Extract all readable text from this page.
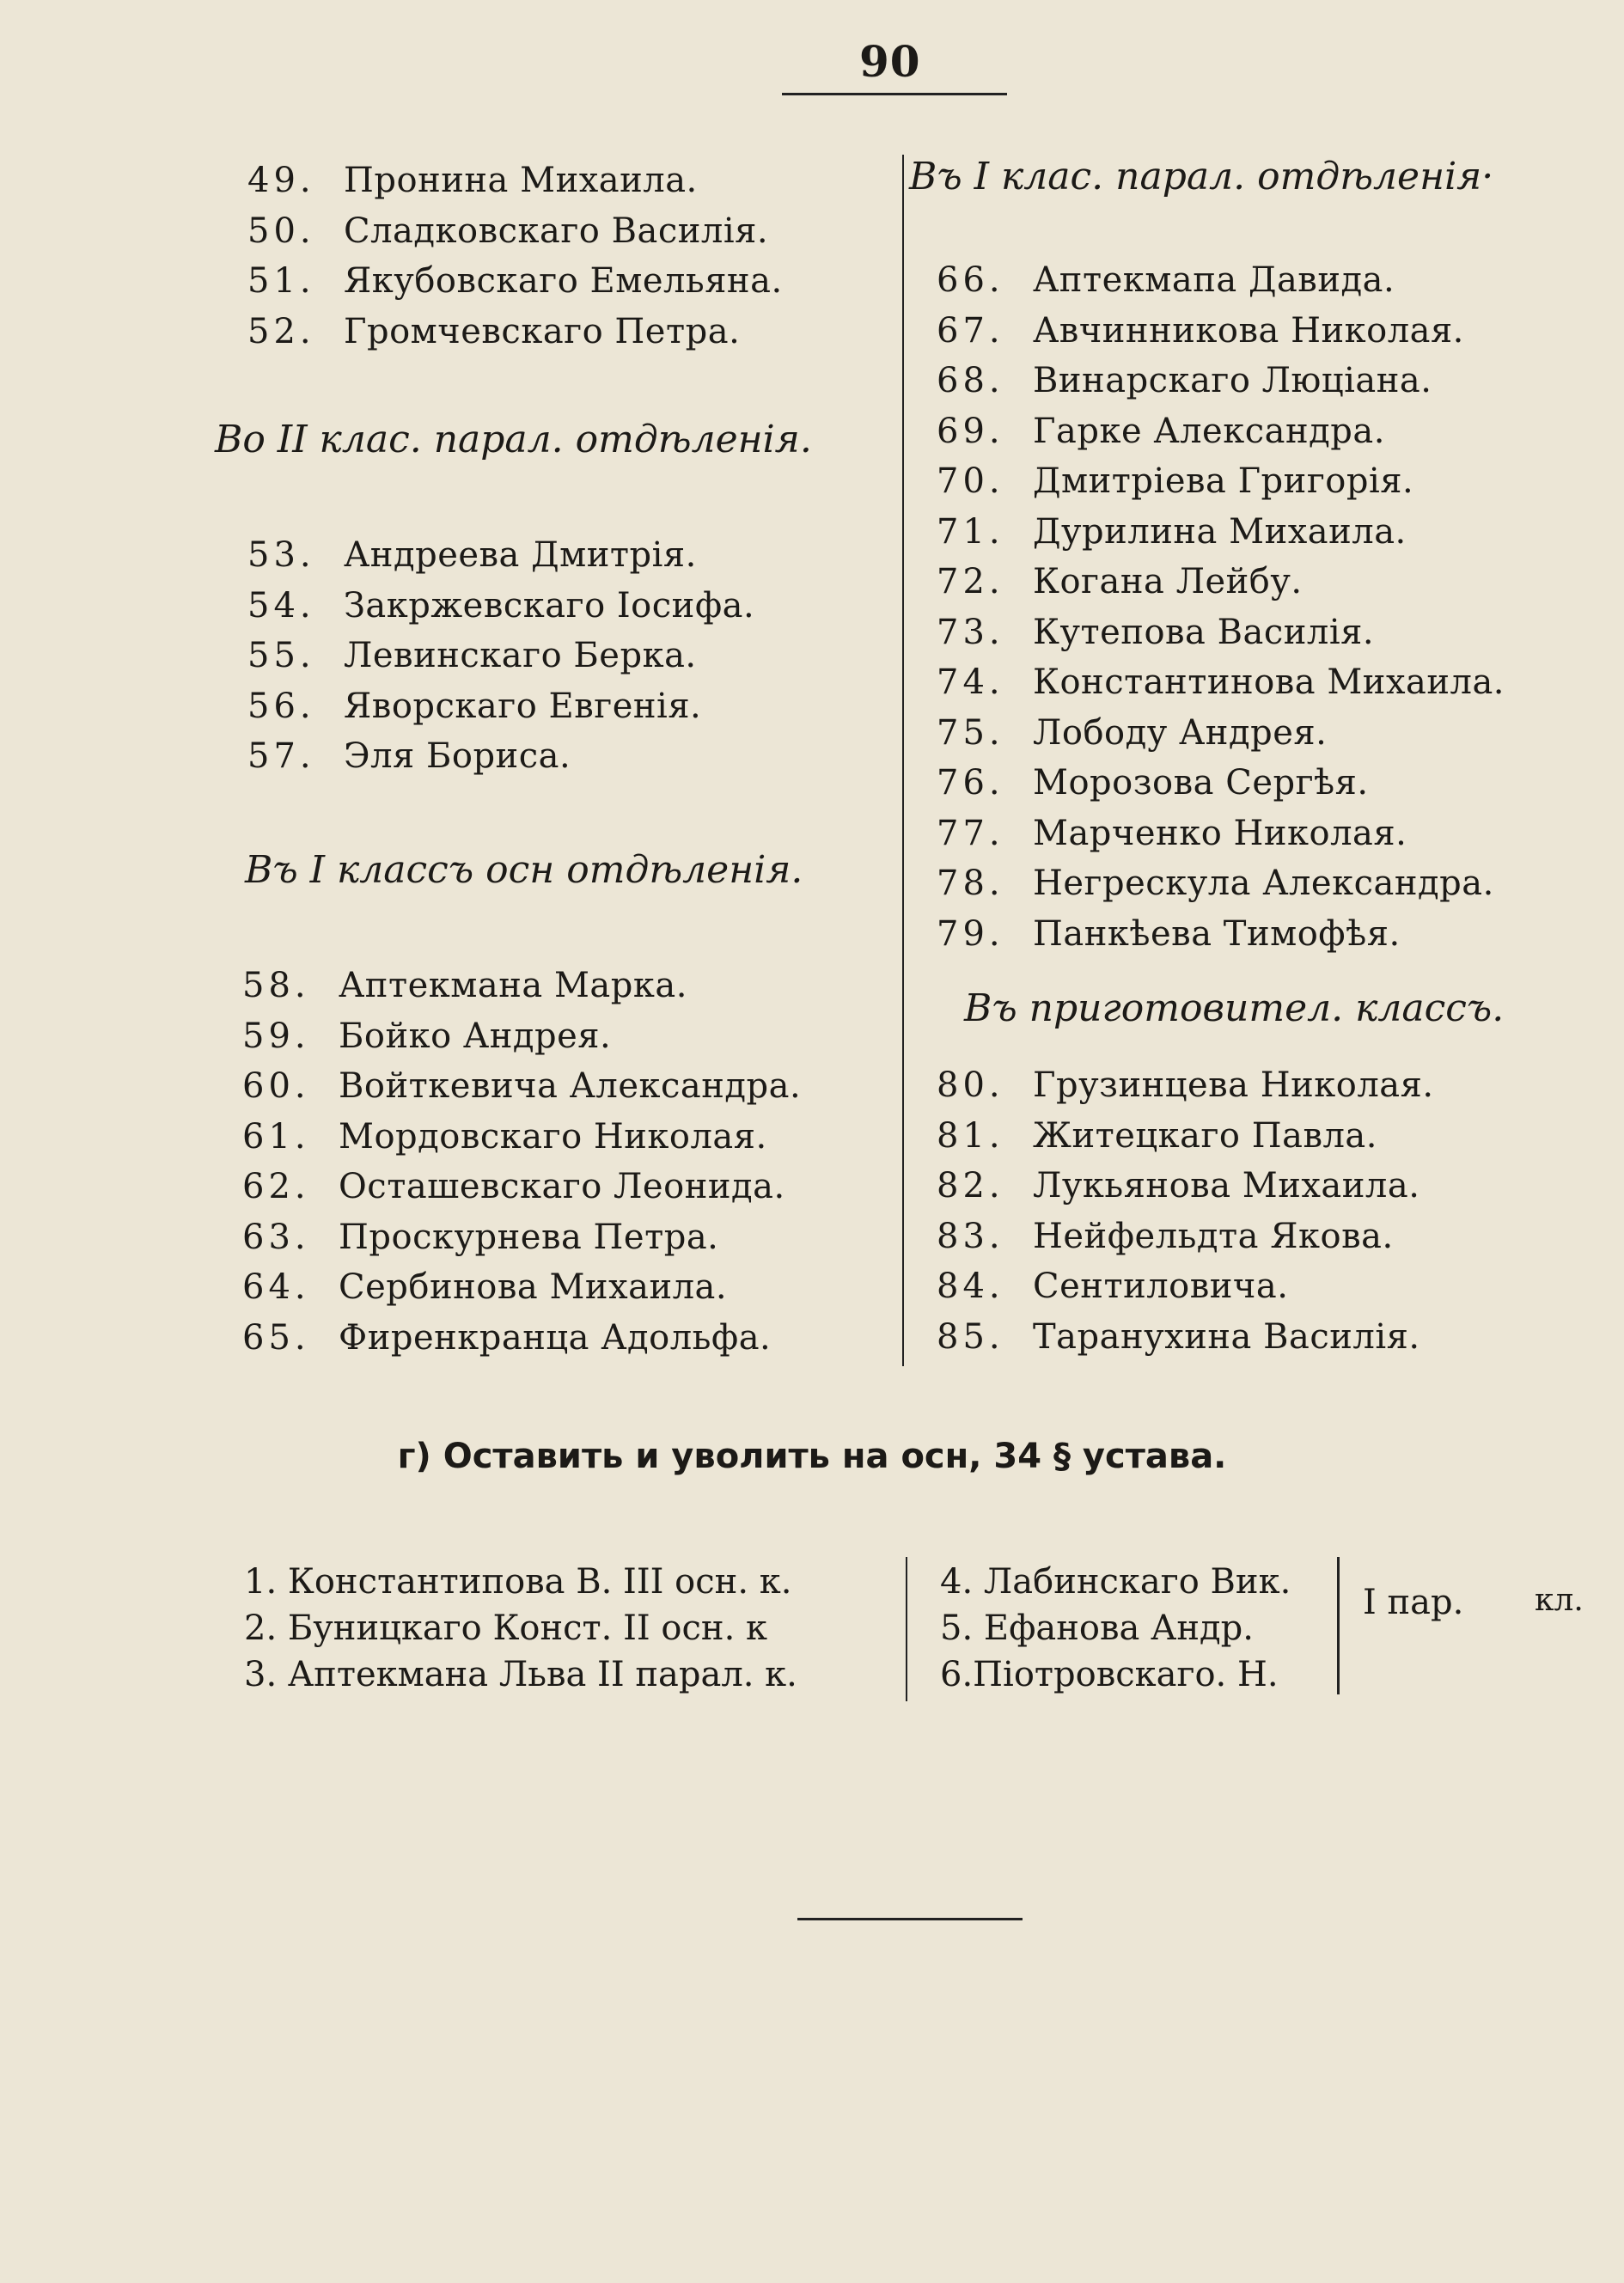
90
49. Пронина Михаила.
50. Сладковскаго Василія.
51. Якубовскаго Емельяна.
52. Громчевскаго Петра.
Во II клас. парал. отдѣленія.
53. Андреева Дмитрія.
54. Закржевскаго Іосифа.
55. Левинскаго Берка.
56. Яворскаго Евгенія.
57. Эля Бориса.
Въ I классъ осн отдѣленія.
58. Аптекмана Марка.
59. Бойко Андрея.
60. Войткевича Александра.
61. Мордовскаго Николая.
62. Осташевскаго Леонида.
63. Проскурнева Петра.
64. Сербинова Михаила.
65. Фиренкранца Адольфа.
Въ I клас. парал. отдѣленія·
66. Аптекмапа Давида.
67. Авчинникова Николая.
68. Винарскаго Люціана.
69. Гарке Александра.
70. Дмитріева Григорія.
71. Дурилина Михаила.
72. Когана Лейбу.
73. Кутепова Василія.
74. Константинова Михаила.
75. Лободу Андрея.
76. Морозова Сергѣя.
77. Марченко Николая.
78. Негрескула Александра.
79. Панкѣева Тимофѣя.
Въ приготовител. классъ.
80. Грузинцева Николая.
81. Житецкаго Павла.
82. Лукьянова Михаила.
83. Нейфельдта Якова.
84. Сентиловича.
85. Таранухина Василія.
г) Оставить и уволить на осн, 34 § устава.
1. Константипова В. III осн. к.
2. Буницкаго Конст. II осн. к
3. Аптекмана Льва II парал. к.
4. Лабинскаго Вик.
5. Ефанова Андр.
6.Піотровскаго. Н.
I пар. кл.
